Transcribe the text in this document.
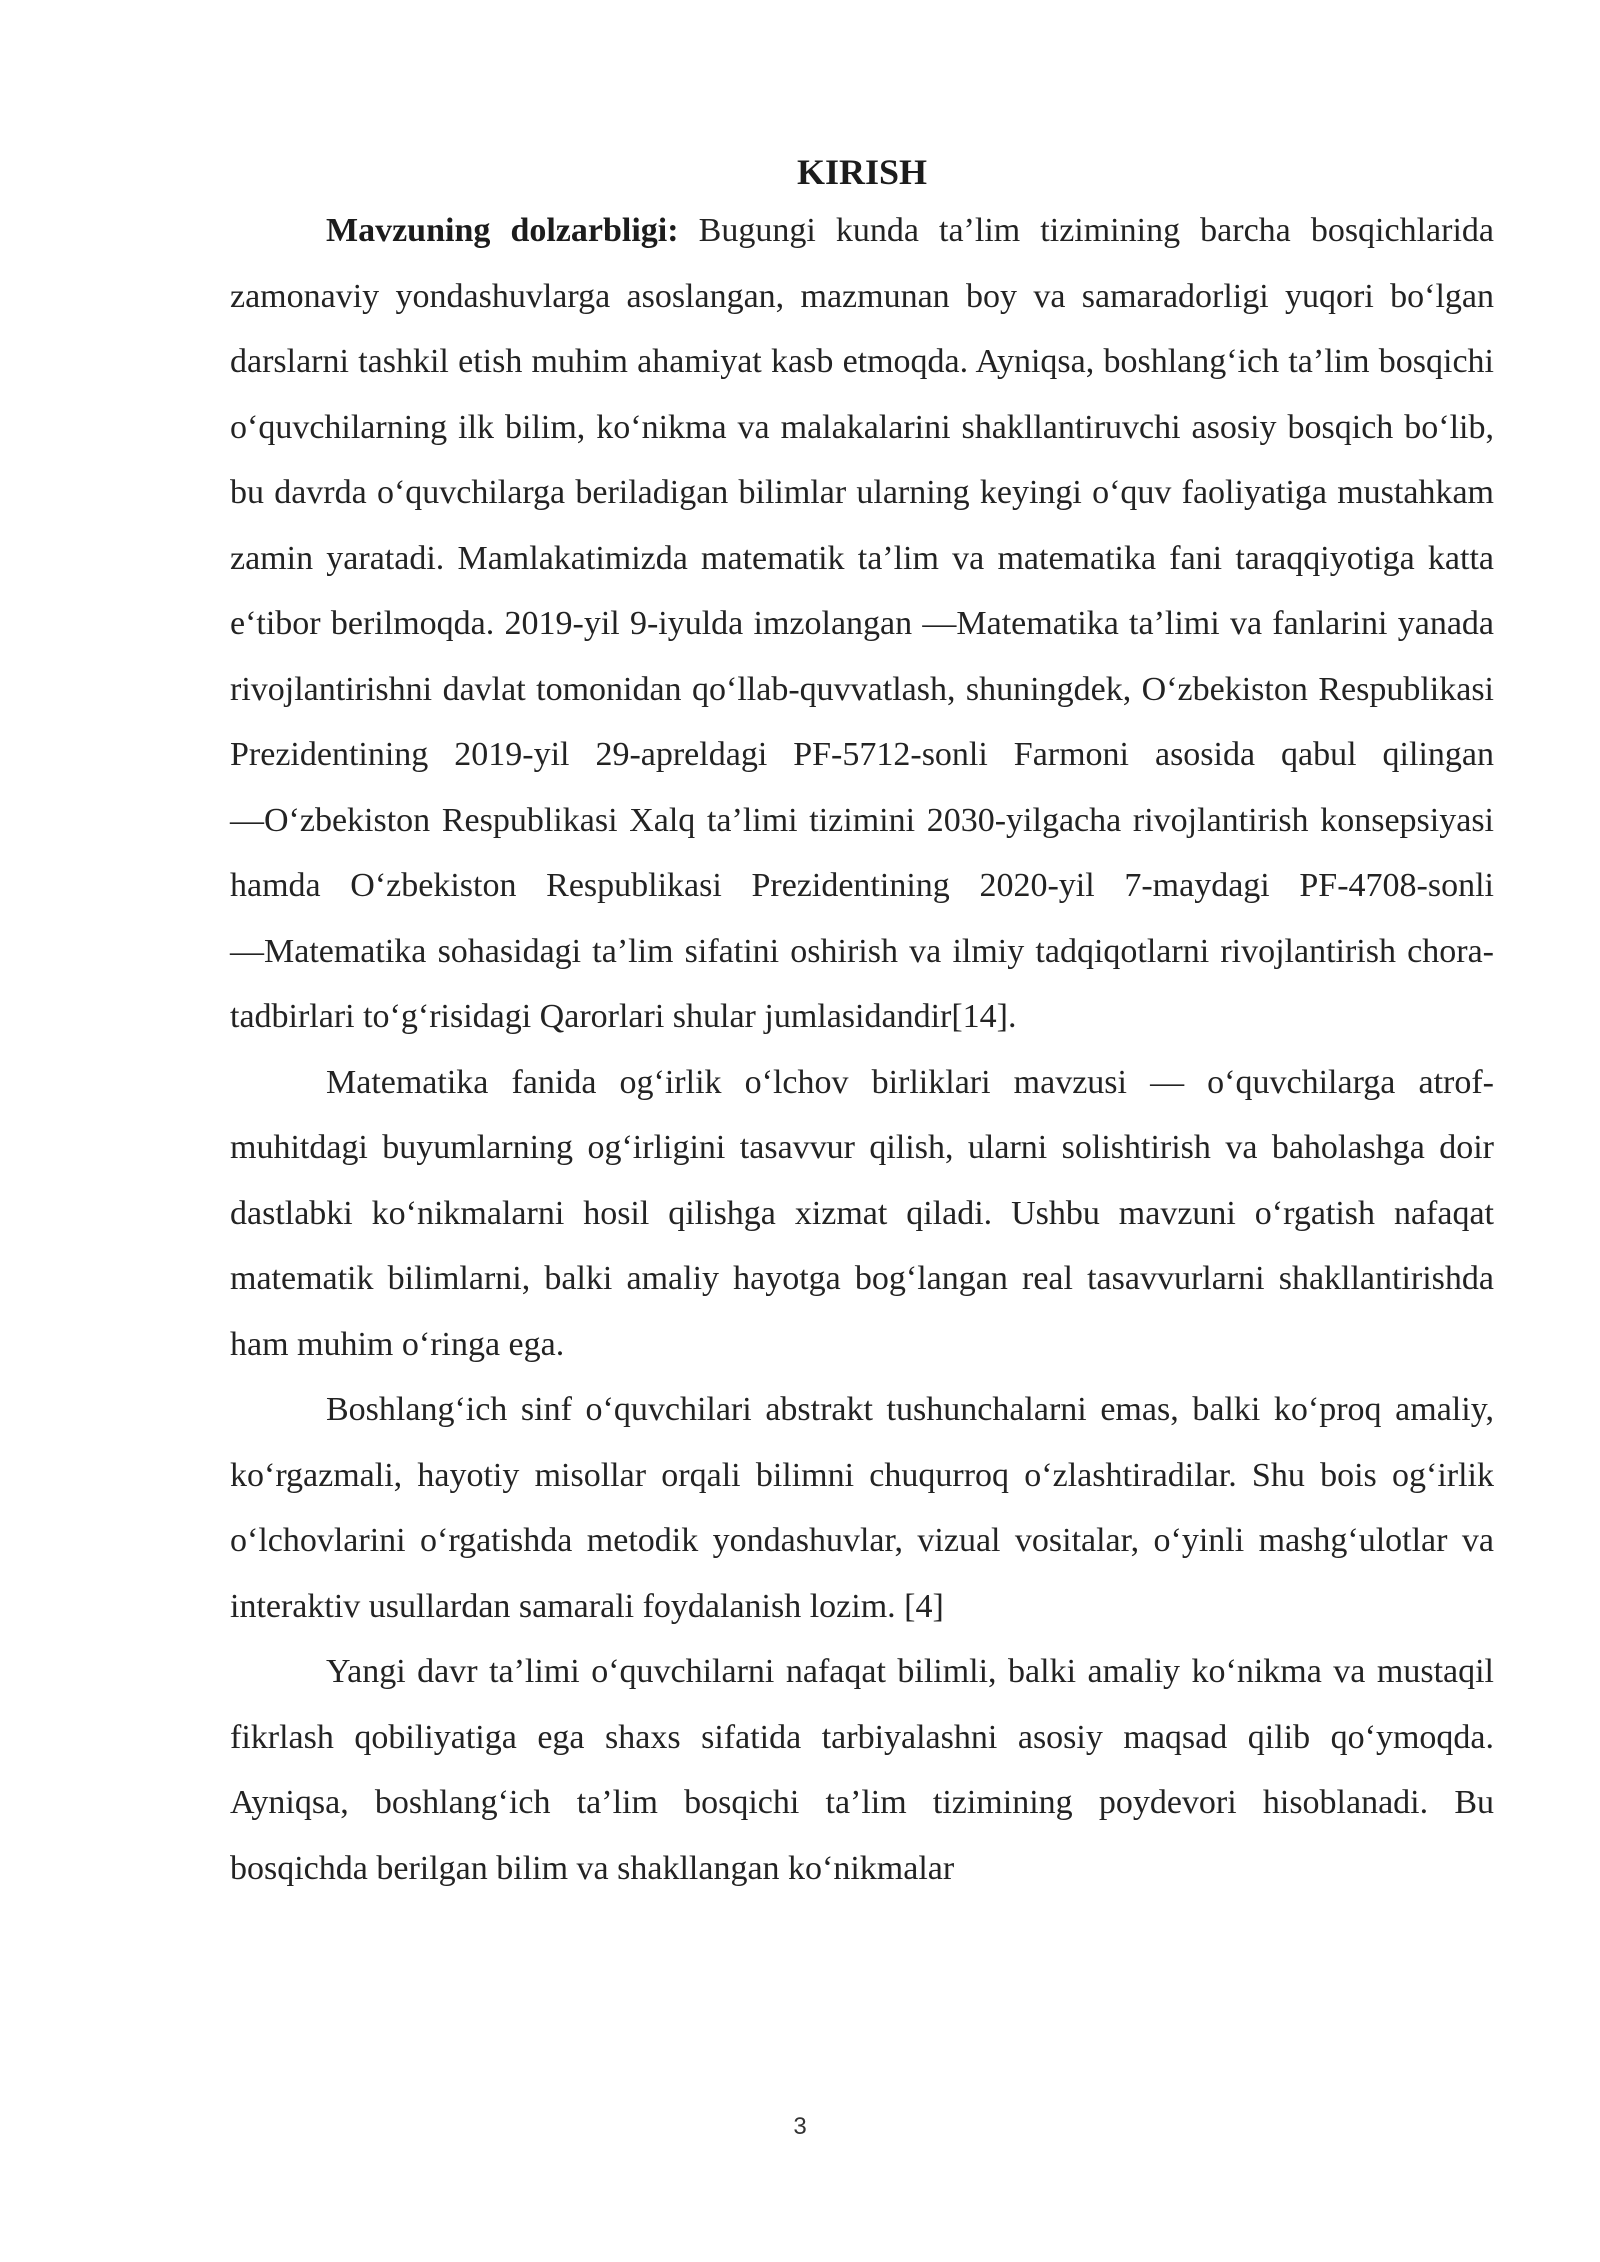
KIRISH

Mavzuning dolzarbligi: Bugungi kunda ta’lim tizimining barcha bosqichlarida zamonaviy yondashuvlarga asoslangan, mazmunan boy va samaradorligi yuqori bo‘lgan darslarni tashkil etish muhim ahamiyat kasb etmoqda. Ayniqsa, boshlang‘ich ta’lim bosqichi o‘quvchilarning ilk bilim, ko‘nikma va malakalarini shakllantiruvchi asosiy bosqich bo‘lib, bu davrda o‘quvchilarga beriladigan bilimlar ularning keyingi o‘quv faoliyatiga mustahkam zamin yaratadi. Mamlakatimizda matematik ta’lim va matematika fani taraqqiyotiga katta e‘tibor berilmoqda. 2019-yil 9-iyulda imzolangan ―Matematika ta’limi va fanlarini yanada rivojlantirishni davlat tomonidan qo‘llab-quvvatlash, shuningdek, O‘zbekiston Respublikasi Prezidentining 2019-yil 29-apreldagi PF-5712-sonli Farmoni asosida qabul qilingan ―O‘zbekiston Respublikasi Xalq ta’limi tizimini 2030-yilgacha rivojlantirish konsepsiyasi hamda O‘zbekiston Respublikasi Prezidentining 2020-yil 7-maydagi PF-4708-sonli ―Matematika sohasidagi ta’lim sifatini oshirish va ilmiy tadqiqotlarni rivojlantirish chora-tadbirlari to‘g‘risidagi Qarorlari shular jumlasidandir[14].

Matematika fanida og‘irlik o‘lchov birliklari mavzusi — o‘quvchilarga atrof-muhitdagi buyumlarning og‘irligini tasavvur qilish, ularni solishtirish va baholashga doir dastlabki ko‘nikmalarni hosil qilishga xizmat qiladi. Ushbu mavzuni o‘rgatish nafaqat matematik bilimlarni, balki amaliy hayotga bog‘langan real tasavvurlarni shakllantirishda ham muhim o‘ringa ega.

Boshlang‘ich sinf o‘quvchilari abstrakt tushunchalarni emas, balki ko‘proq amaliy, ko‘rgazmali, hayotiy misollar orqali bilimni chuqurroq o‘zlashtiradilar. Shu bois og‘irlik o‘lchovlarini o‘rgatishda metodik yondashuvlar, vizual vositalar, o‘yinli mashg‘ulotlar va interaktiv usullardan samarali foydalanish lozim. [4]

Yangi davr ta’limi o‘quvchilarni nafaqat bilimli, balki amaliy ko‘nikma va mustaqil fikrlash qobiliyatiga ega shaxs sifatida tarbiyalashni asosiy maqsad qilib qo‘ymoqda. Ayniqsa, boshlang‘ich ta’lim bosqichi ta’lim tizimining poydevori hisoblanadi. Bu bosqichda berilgan bilim va shakllangan ko‘nikmalar

3
